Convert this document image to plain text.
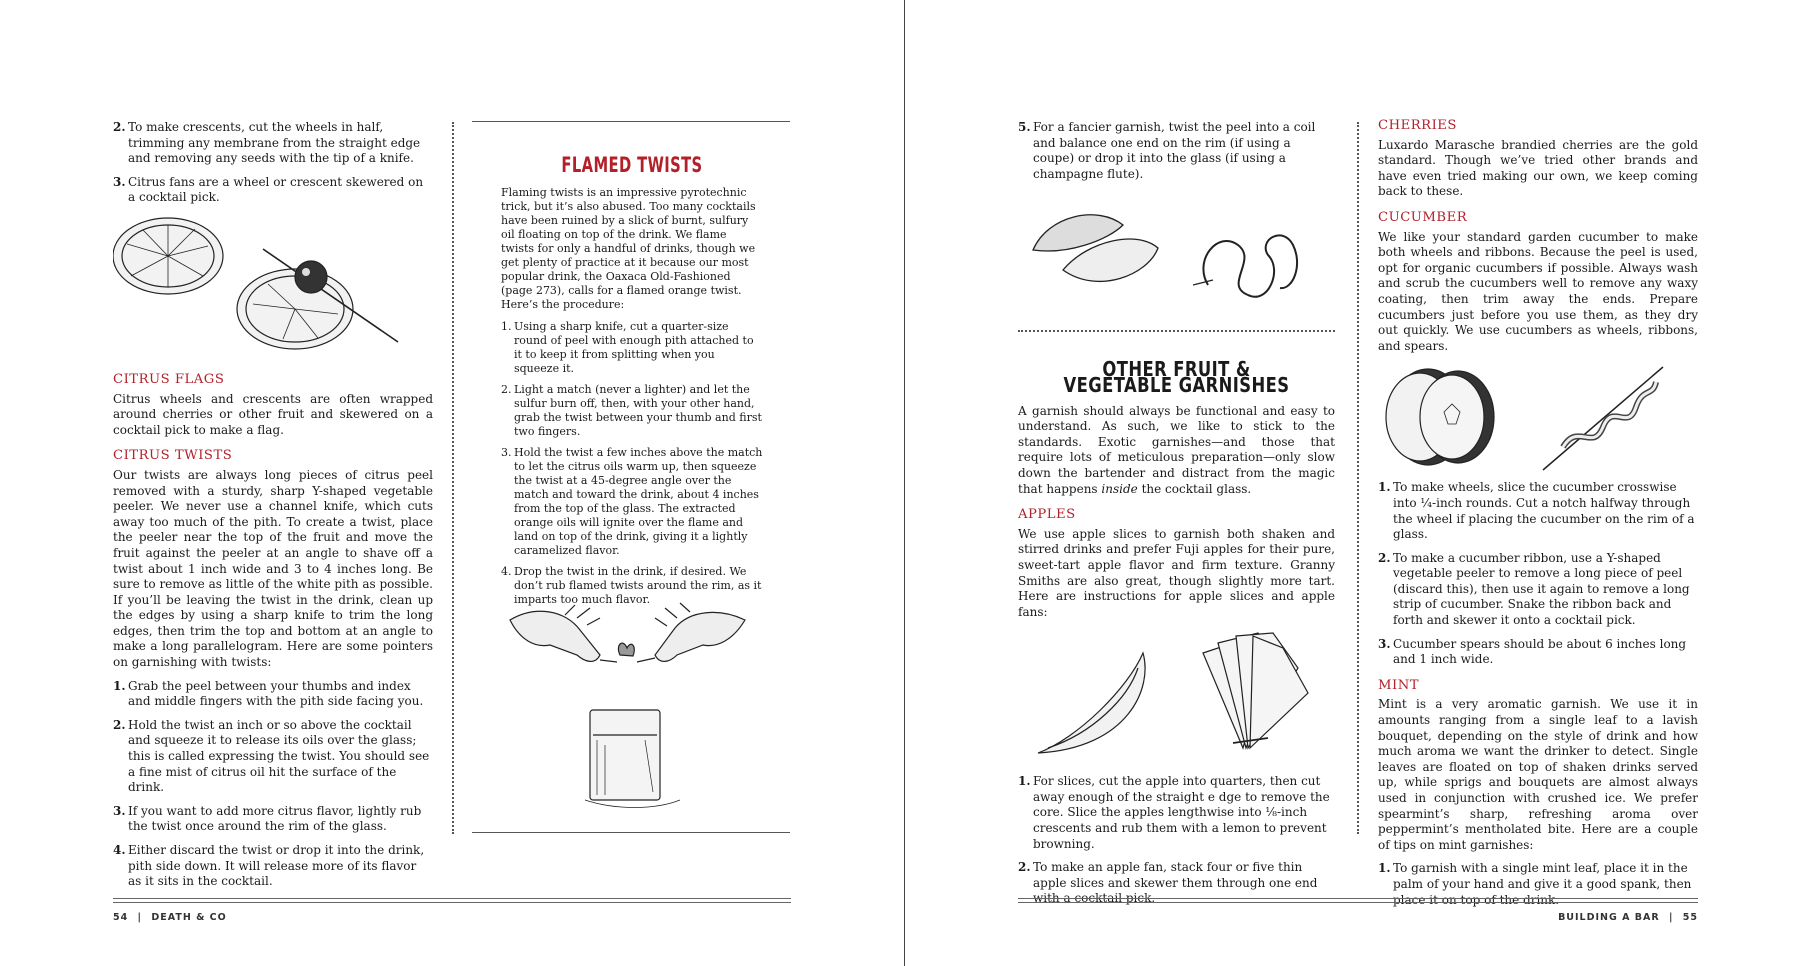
2. To make crescents, cut the wheels in half, trimming any membrane from the straight edge and removing any seeds with the tip of a knife.
3. Citrus fans are a wheel or crescent skewered on a cocktail pick.
CITRUS FLAGS

Citrus wheels and crescents are often wrapped around cherries or other fruit and skewered on a cocktail pick to make a flag.

CITRUS TWISTS

Our twists are always long pieces of citrus peel removed with a sturdy, sharp Y-shaped vegetable peeler. We never use a channel knife, which cuts away too much of the pith. To create a twist, place the peeler near the top of the fruit and move the fruit against the peeler at an angle to shave off a twist about 1 inch wide and 3 to 4 inches long. Be sure to remove as little of the white pith as possible. If you’ll be leaving the twist in the drink, clean up the edges by using a sharp knife to trim the long edges, then trim the top and bottom at an angle to make a long parallelogram. Here are some pointers on garnishing with twists:

1. Grab the peel between your thumbs and index and middle fingers with the pith side facing you.
2. Hold the twist an inch or so above the cocktail and squeeze it to release its oils over the glass; this is called expressing the twist. You should see a fine mist of citrus oil hit the surface of the drink.
3. If you want to add more citrus flavor, lightly rub the twist once around the rim of the glass.
4. Either discard the twist or drop it into the drink, pith side down. It will release more of its flavor as it sits in the cocktail.
FLAMED TWISTS

Flaming twists is an impressive pyrotechnic trick, but it’s also abused. Too many cocktails have been ruined by a slick of burnt, sulfury oil floating on top of the drink. We flame twists for only a handful of drinks, though we get plenty of practice at it because our most popular drink, the Oaxaca Old-Fashioned (page 273), calls for a flamed orange twist. Here’s the procedure:

1. Using a sharp knife, cut a quarter-size round of peel with enough pith attached to it to keep it from splitting when you squeeze it.
2. Light a match (never a lighter) and let the sulfur burn off, then, with your other hand, grab the twist between your thumb and first two fingers.
3. Hold the twist a few inches above the match to let the citrus oils warm up, then squeeze the twist at a 45-degree angle over the match and toward the drink, about 4 inches from the top of the glass. The extracted orange oils will ignite over the flame and land on top of the drink, giving it a lightly caramelized flavor.
4. Drop the twist in the drink, if desired. We don’t rub flamed twists around the rim, as it imparts too much flavor.
54 | DEATH & CO
5. For a fancier garnish, twist the peel into a coil and balance one end on the rim (if using a coupe) or drop it into the glass (if using a champagne flute).
OTHER FRUIT & VEGETABLE GARNISHES

A garnish should always be functional and easy to understand. As such, we like to stick to the standards. Exotic garnishes—and those that require lots of meticulous preparation—only slow down the bartender and distract from the magic that happens inside the cocktail glass.

APPLES

We use apple slices to garnish both shaken and stirred drinks and prefer Fuji apples for their pure, sweet-tart apple flavor and firm texture. Granny Smiths are also great, though slightly more tart. Here are instructions for apple slices and apple fans:

1. For slices, cut the apple into quarters, then cut away enough of the straight e dge to remove the core. Slice the apples lengthwise into ⅛-inch crescents and rub them with a lemon to prevent browning.
2. To make an apple fan, stack four or five thin apple slices and skewer them through one end with a cocktail pick.
CHERRIES

Luxardo Marasche brandied cherries are the gold standard. Though we’ve tried other brands and have even tried making our own, we keep coming back to these.

CUCUMBER

We like your standard garden cucumber to make both wheels and ribbons. Because the peel is used, opt for organic cucumbers if possible. Always wash and scrub the cucumbers well to remove any waxy coating, then trim away the ends. Prepare cucumbers just before you use them, as they dry out quickly. We use cucumbers as wheels, ribbons, and spears.

1. To make wheels, slice the cucumber crosswise into ¼-inch rounds. Cut a notch halfway through the wheel if placing the cucumber on the rim of a glass.
2. To make a cucumber ribbon, use a Y-shaped vegetable peeler to remove a long piece of peel (discard this), then use it again to remove a long strip of cucumber. Snake the ribbon back and forth and skewer it onto a cocktail pick.
3. Cucumber spears should be about 6 inches long and 1 inch wide.
MINT

Mint is a very aromatic garnish. We use it in amounts ranging from a single leaf to a lavish bouquet, depending on the style of drink and how much aroma we want the drinker to detect. Single leaves are floated on top of shaken drinks served up, while sprigs and bouquets are almost always used in conjunction with crushed ice. We prefer spearmint’s sharp, refreshing aroma over peppermint’s mentholated bite. Here are a couple of tips on mint garnishes:

1. To garnish with a single mint leaf, place it in the palm of your hand and give it a good spank, then place it on top of the drink.
BUILDING A BAR | 55
